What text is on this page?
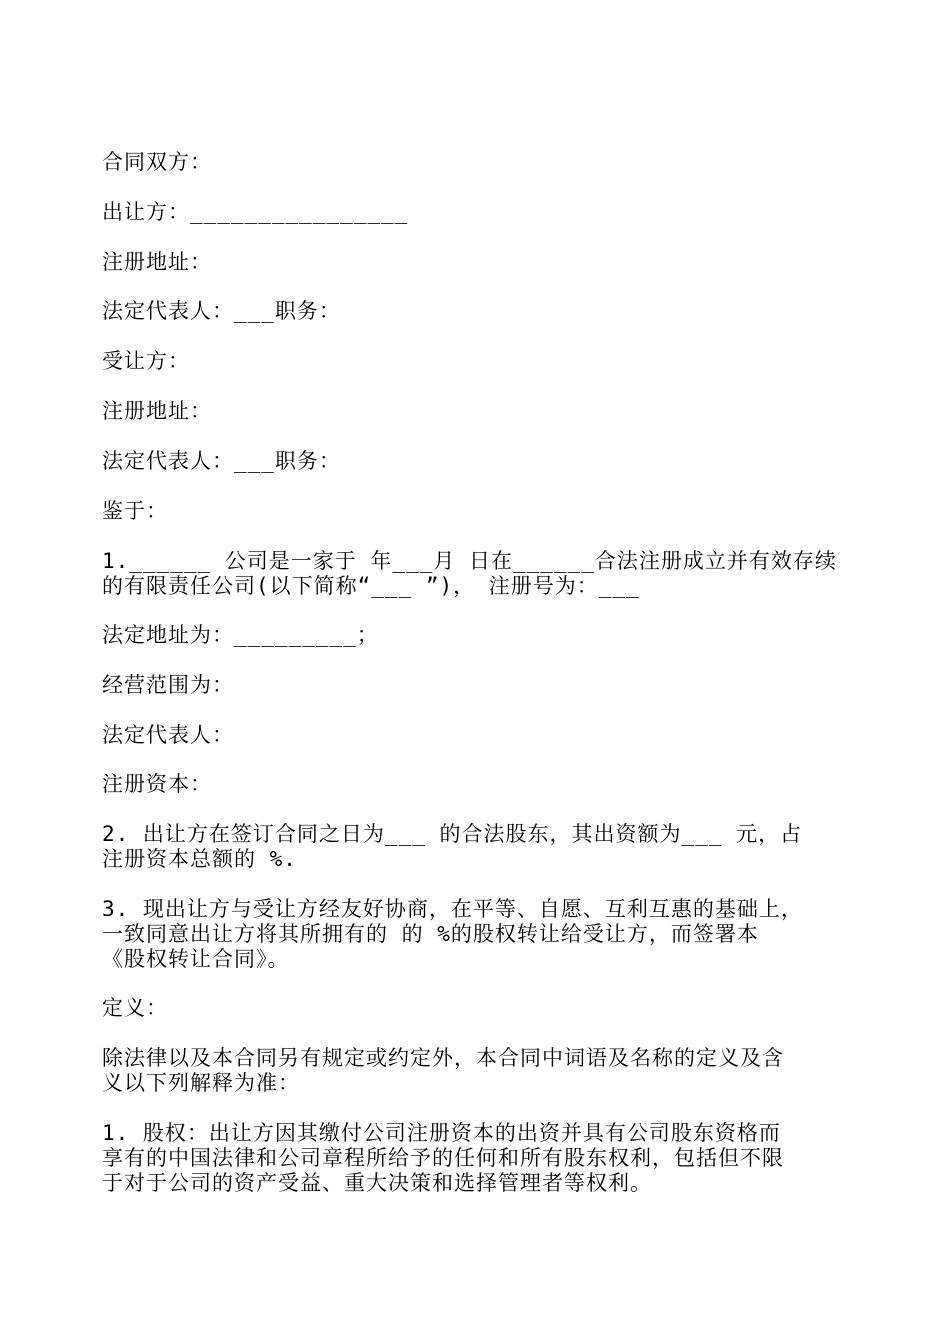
合同双方：
出让方：________________
注册地址：
法定代表人：___职务：
受让方：
注册地址：
法定代表人：___职务：
鉴于：
1.______ 公司是一家于 年___月 日在______合法注册成立并有效存续
的有限责任公司(以下简称“___ ”)， 注册号为：___
法定地址为：_________；
经营范围为：
法定代表人：
注册资本：
2. 出让方在签订合同之日为___ 的合法股东，其出资额为___ 元，占
注册资本总额的 %.
3. 现出让方与受让方经友好协商，在平等、自愿、互利互惠的基础上，
一致同意出让方将其所拥有的 的 %的股权转让给受让方，而签署本
《股权转让合同》。
定义：
除法律以及本合同另有规定或约定外，本合同中词语及名称的定义及含
义以下列解释为准：
1. 股权：出让方因其缴付公司注册资本的出资并具有公司股东资格而
享有的中国法律和公司章程所给予的任何和所有股东权利，包括但不限
于对于公司的资产受益、重大决策和选择管理者等权利。
